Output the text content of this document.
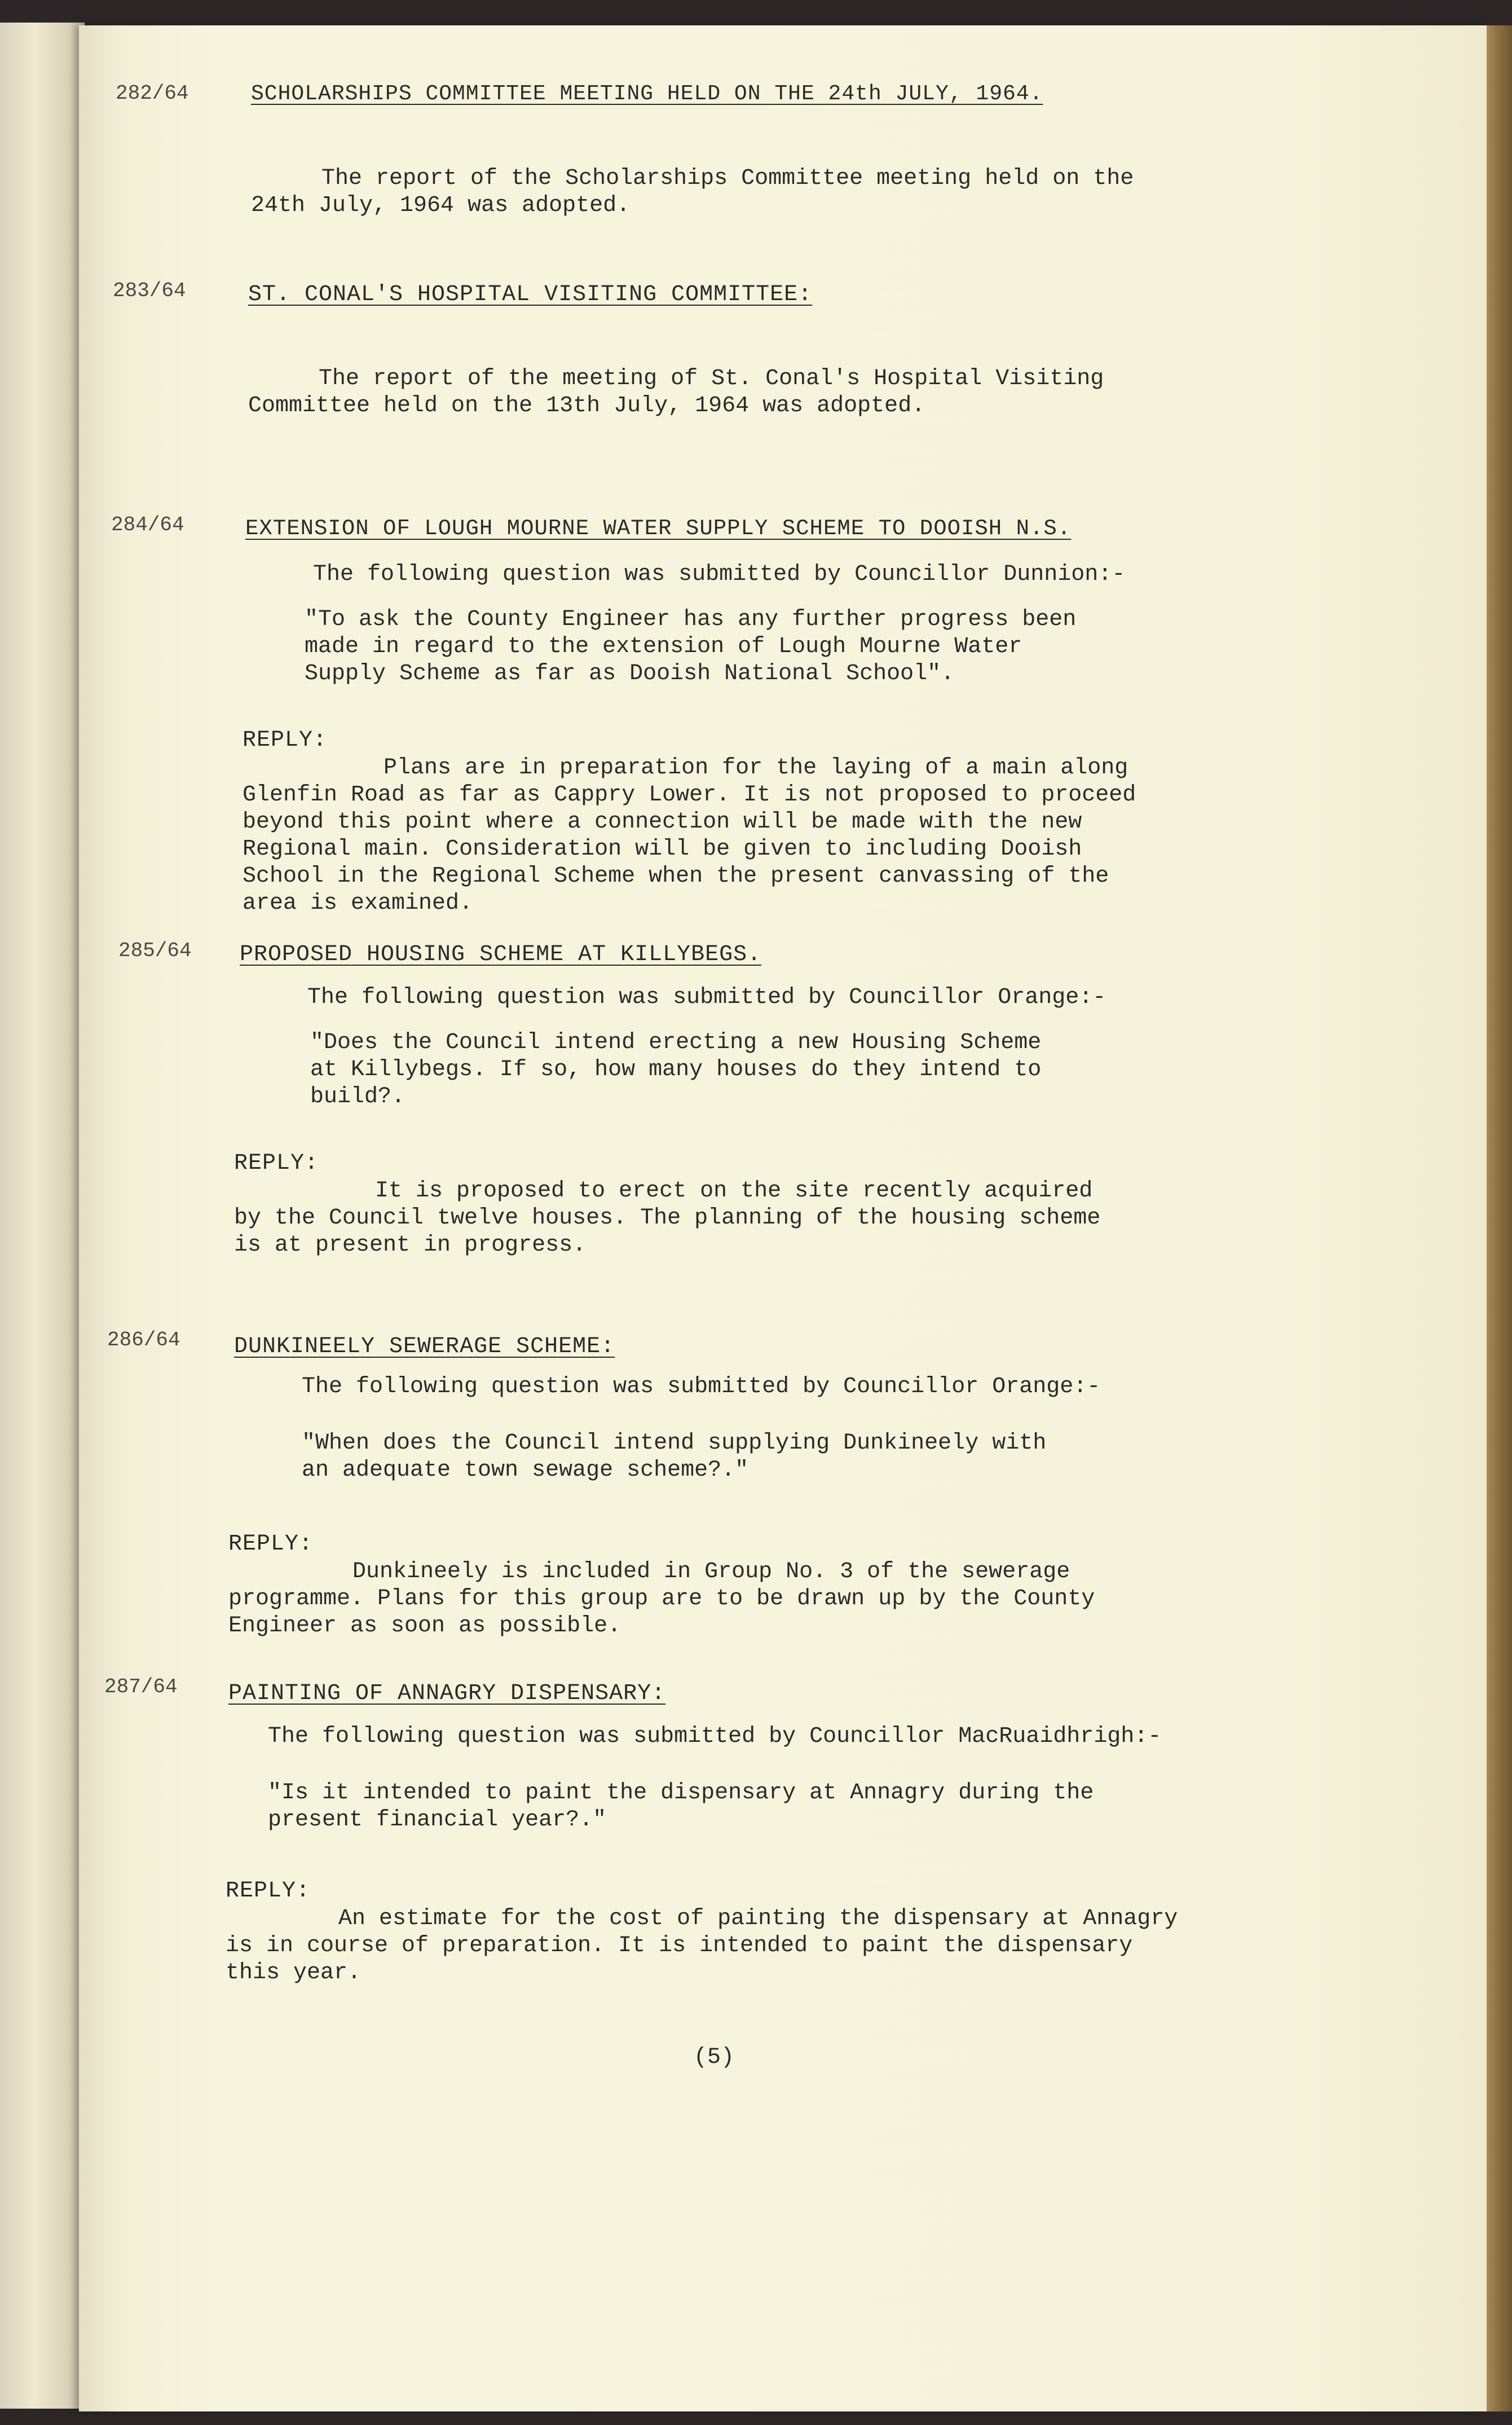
282/64	SCHOLARSHIPS COMMITTEE MEETING HELD ON THE 24th JULY, 1964.

The report of the Scholarships Committee meeting held on the
24th July, 1964 was adopted.

283/64	ST. CONAL'S HOSPITAL VISITING COMMITTEE:

The report of the meeting of St. Conal's Hospital Visiting
Committee held on the 13th July, 1964 was adopted.

284/64	EXTENSION OF LOUGH MOURNE WATER SUPPLY SCHEME TO DOOISH N.S.
The following question was submitted by Councillor Dunnion:-
"To ask the County Engineer has any further progress been
made in regard to the extension of Lough Mourne Water
Supply Scheme as far as Dooish National School".
REPLY:

Plans are in preparation for the laying of a main along
Glenfin Road as far as Cappry Lower. It is not proposed to proceed
beyond this point where a connection will be made with the new
Regional main. Consideration will be given to including Dooish
School in the Regional Scheme when the present canvassing of the
area is examined.

285/64 PROPOSED HOUSING SCHEME AT KILLYBEGS.
The following question was submitted by Councillor Orange:-
"Does the Council intend erecting a new Housing Scheme
at Killybegs. If so, how many houses do they intend to
build?.
REPLY:

It is proposed to erect on the site recently acquired
by the Council twelve houses. The planning of the housing scheme
is at present in progress.

286/64 DUNKINEELY SEWERAGE SCHEME:
The following question was submitted by Councillor Orange:-
"When does the Council intend supplying Dunkineely with
an adequate town sewage scheme?."
REPLY:

Dunkineely is included in Group No. 3 of the sewerage
programme. Plans for this group are to be drawn up by the County
Engineer as soon as possible.

287/64 PAINTING OF ANNAGRY DISPENSARY:
The following question was submitted by Councillor MacRuaidhrigh:-
"Is it intended to paint the dispensary at Annagry during the
present financial year?."
REPLY:

An estimate for the cost of painting the dispensary at Annagry
is in course of preparation. It is intended to paint the dispensary
this year.

(5)
